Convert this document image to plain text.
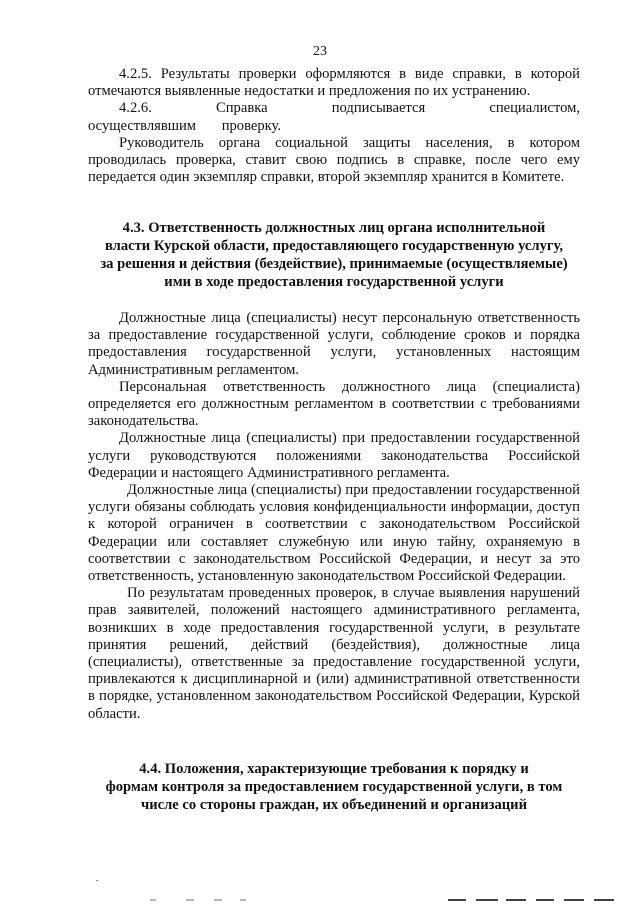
23

4.2.5. Результаты проверки оформляются в виде справки, в которой отмечаются выявленные недостатки и предложения по их устранению.

4.2.6. Справка подписывается специалистом, осуществлявшим проверку.

Руководитель органа социальной защиты населения, в котором проводилась проверка, ставит свою подпись в справке, после чего ему передается один экземпляр справки, второй экземпляр хранится в Комитете.

4.3. Ответственность должностных лиц органа исполнительной
власти Курской области, предоставляющего государственную услугу,
за решения и действия (бездействие), принимаемые (осуществляемые)
ими в ходе предоставления государственной услуги

Должностные лица (специалисты) несут персональную ответственность за предоставление государственной услуги, соблюдение сроков и порядка предоставления государственной услуги, установленных настоящим Административным регламентом.

Персональная ответственность должностного лица (специалиста) определяется его должностным регламентом в соответствии с требованиями законодательства.

Должностные лица (специалисты) при предоставлении государственной услуги руководствуются положениями законодательства Российской Федерации и настоящего Административного регламента.

Должностные лица (специалисты) при предоставлении государственной услуги обязаны соблюдать условия конфиденциальности информации, доступ к которой ограничен в соответствии с законодательством Российской Федерации или составляет служебную или иную тайну, охраняемую в соответствии с законодательством Российской Федерации, и несут за это ответственность, установленную законодательством Российской Федерации.

По результатам проведенных проверок, в случае выявления нарушений прав заявителей, положений настоящего административного регламента, возникших в ходе предоставления государственной услуги, в результате принятия решений, действий (бездействия), должностные лица (специалисты), ответственные за предоставление государственной услуги, привлекаются к дисциплинарной и (или) административной ответственности в порядке, установленном законодательством Российской Федерации, Курской области.

4.4. Положения, характеризующие требования к порядку и
формам контроля за предоставлением государственной услуги, в том
числе со стороны граждан, их объединений и организаций
